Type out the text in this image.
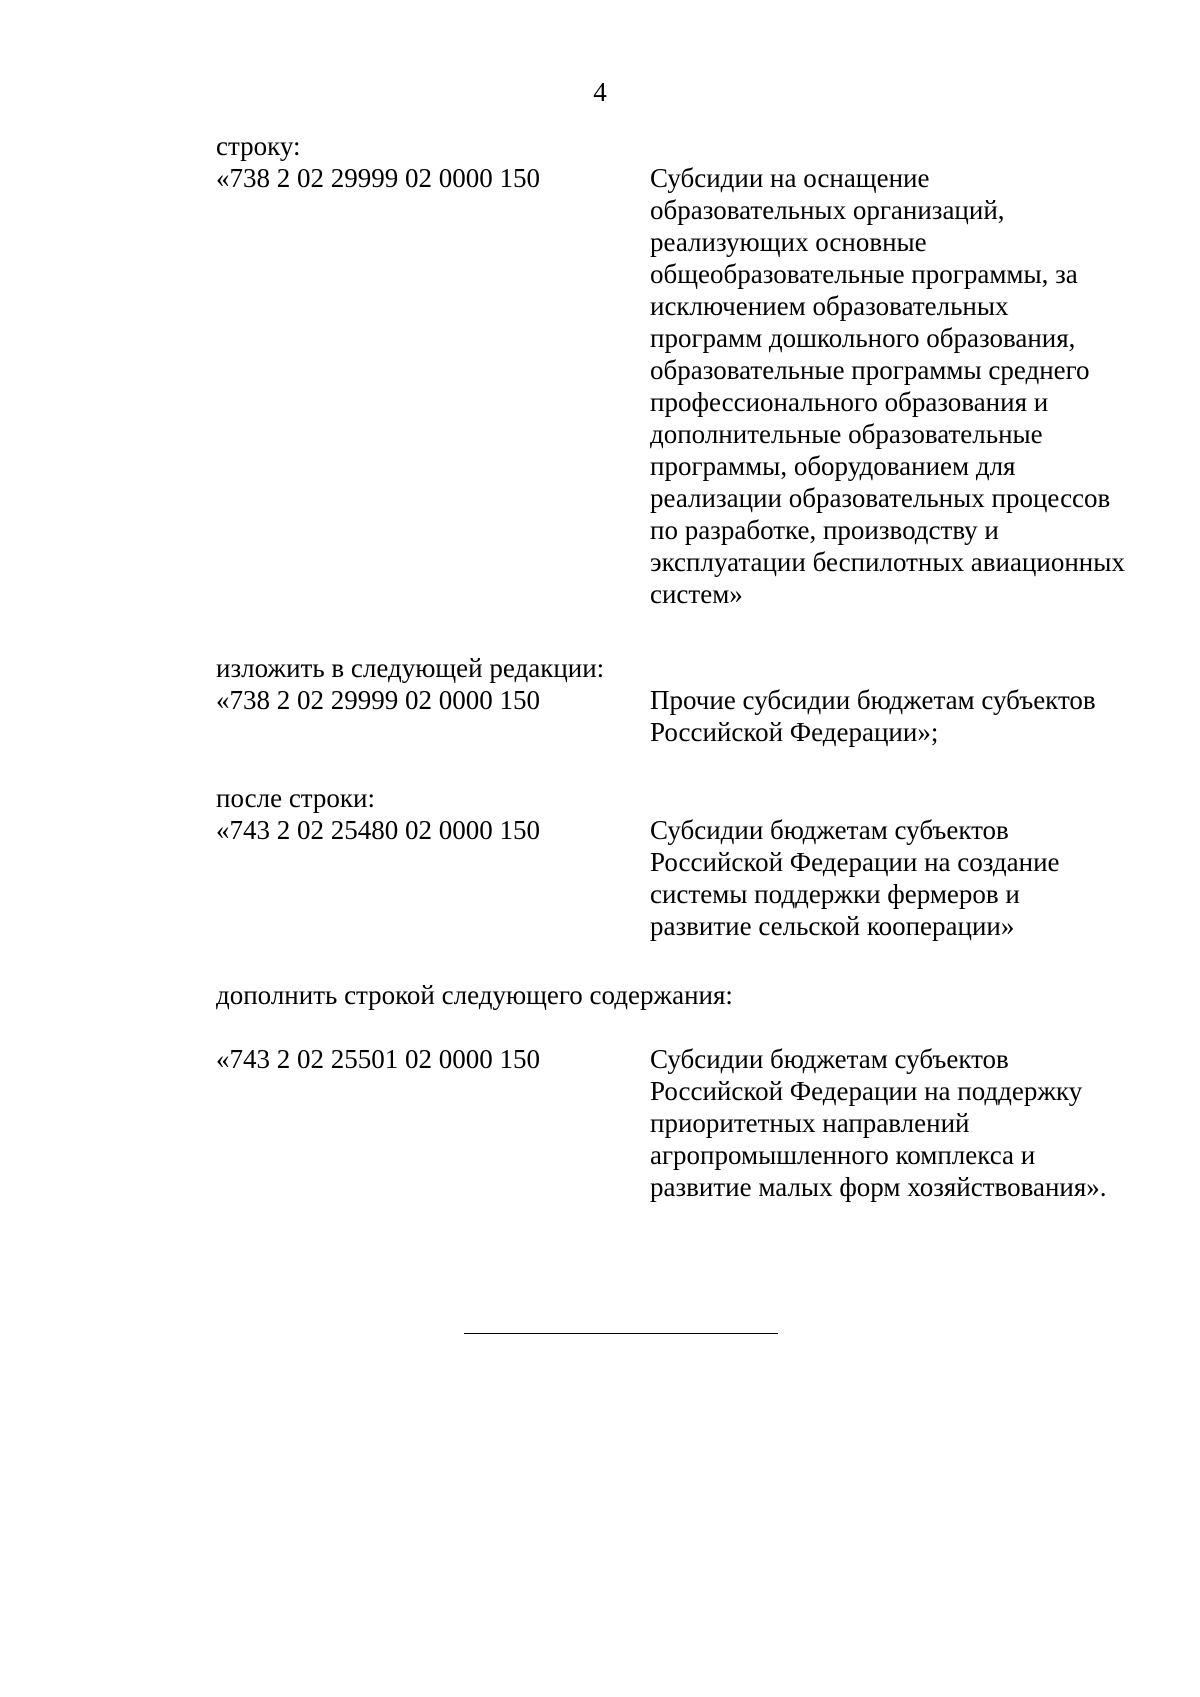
4
строку:
«738 2 02 29999 02 0000 150	Субсидии на оснащение
образовательных организаций,
реализующих основные
общеобразовательные программы, за
исключением образовательных
программ дошкольного образования,
образовательные программы среднего
профессионального образования и
дополнительные образовательные
программы, оборудованием для
реализации образовательных процессов
по разработке, производству и
эксплуатации беспилотных авиационных
систем»
изложить в следующей редакции:
«738 2 02 29999 02 0000 150	Прочие субсидии бюджетам субъектов
Российской Федерации»;
после строки:
«743 2 02 25480 02 0000 150	Субсидии бюджетам субъектов
Российской Федерации на создание
системы поддержки фермеров и
развитие сельской кооперации»
дополнить строкой следующего содержания:
«743 2 02 25501 02 0000 150	Субсидии бюджетам субъектов
Российской Федерации на поддержку
приоритетных направлений
агропромышленного комплекса и
развитие малых форм хозяйствования».
